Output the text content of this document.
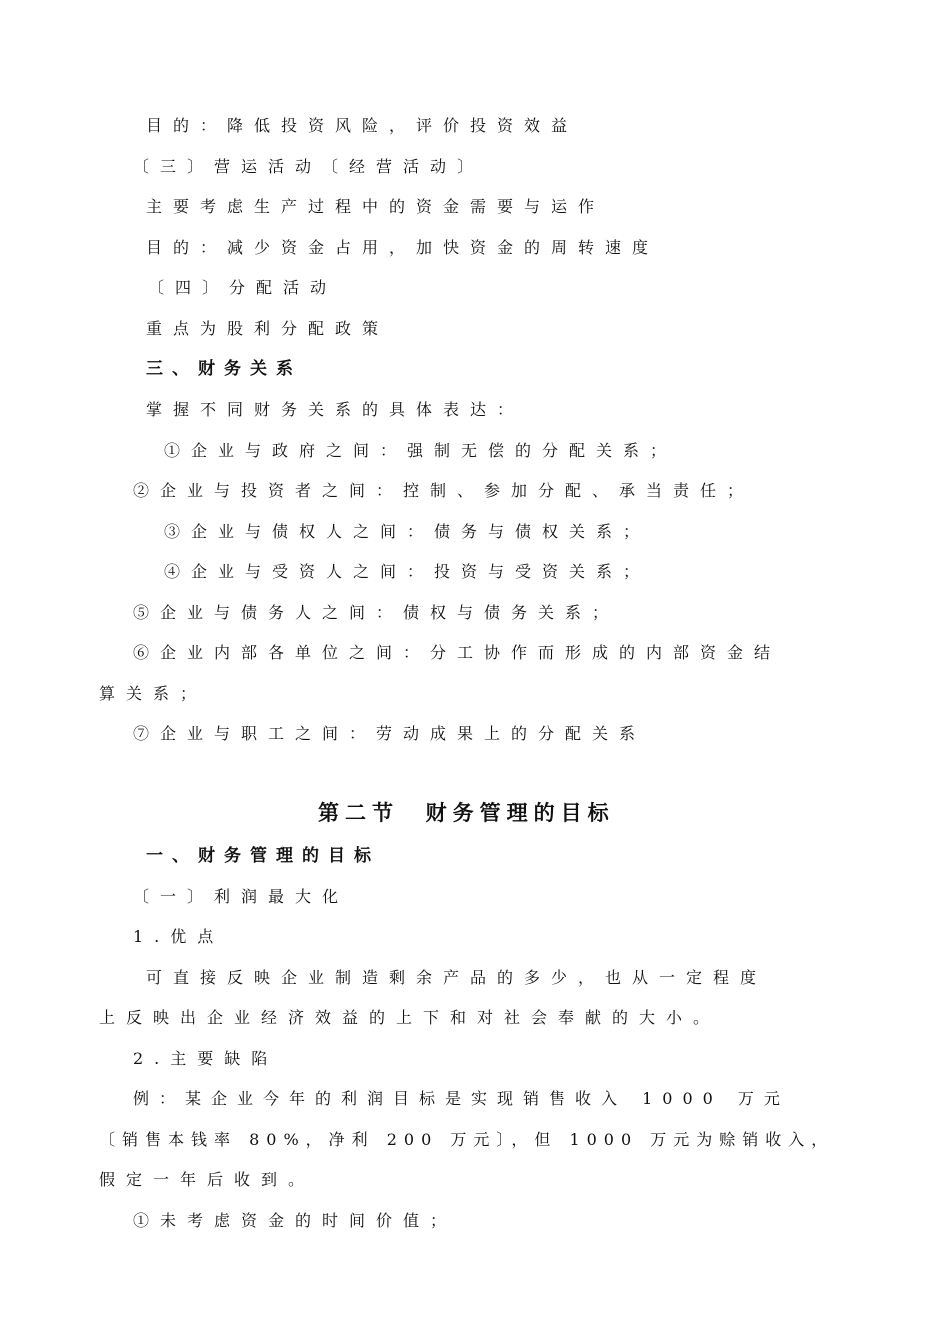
目的：降低投资风险，评价投资效益

〔三〕营运活动〔经营活动〕

主要考虑生产过程中的资金需要与运作

目的：减少资金占用，加快资金的周转速度

〔四〕分配活动

重点为股利分配政策

三、财务关系

掌握不同财务关系的具体表达：

①企业与政府之间：强制无偿的分配关系；

②企业与投资者之间：控制、参加分配、承当责任；

③企业与债权人之间：债务与债权关系；

④企业与受资人之间：投资与受资关系；

⑤企业与债务人之间：债权与债务关系；

⑥企业内部各单位之间：分工协作而形成的内部资金结

算关系；

⑦企业与职工之间：劳动成果上的分配关系

第二节  财务管理的目标

一、财务管理的目标

〔一〕利润最大化

1.优点

可直接反映企业制造剩余产品的多少，也从一定程度

上反映出企业经济效益的上下和对社会奉献的大小。

2.主要缺陷

例：某企业今年的利润目标是实现销售收入 1000 万元

〔销售本钱率 80%，净利 200 万元〕，但 1000 万元为赊销收入，

假定一年后收到。

①未考虑资金的时间价值；
